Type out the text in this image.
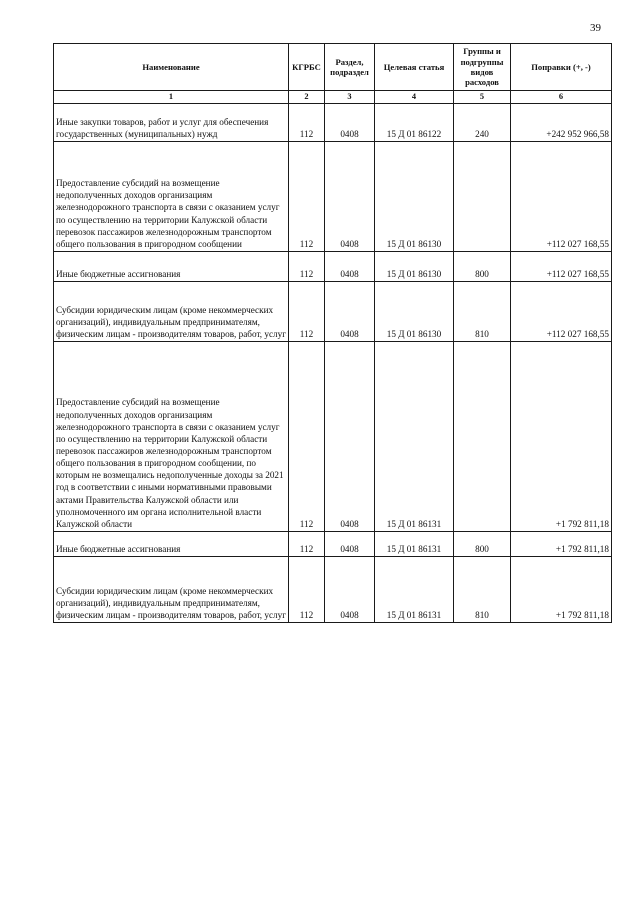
39
Наименование	КГРБС	Раздел, подраздел	Целевая статья	Группы и подгруппы видов расходов	Поправки (+, -)
1	2	3	4	5	6
Иные закупки товаров, работ и услуг для обеспечения государственных (муниципальных) нужд	112	0408	15 Д 01 86122	240	+242 952 966,58
Предоставление субсидий на возмещение недополученных доходов организациям железнодорожного транспорта в связи с оказанием услуг по осуществлению на территории Калужской области перевозок пассажиров железнодорожным транспортом общего пользования в пригородном сообщении	112	0408	15 Д 01 86130		+112 027 168,55
Иные бюджетные ассигнования	112	0408	15 Д 01 86130	800	+112 027 168,55
Субсидии юридическим лицам (кроме некоммерческих организаций), индивидуальным предпринимателям, физическим лицам - производителям товаров, работ, услуг	112	0408	15 Д 01 86130	810	+112 027 168,55
Предоставление субсидий на возмещение недополученных доходов организациям железнодорожного транспорта в связи с оказанием услуг по осуществлению на территории Калужской области перевозок пассажиров железнодорожным транспортом общего пользования в пригородном сообщении, по которым не возмещались недополученные доходы за 2021 год в соответствии с иными нормативными правовыми актами Правительства Калужской области или уполномоченного им органа исполнительной власти Калужской области	112	0408	15 Д 01 86131		+1 792 811,18
Иные бюджетные ассигнования	112	0408	15 Д 01 86131	800	+1 792 811,18
Субсидии юридическим лицам (кроме некоммерческих организаций), индивидуальным предпринимателям, физическим лицам - производителям товаров, работ, услуг	112	0408	15 Д 01 86131	810	+1 792 811,18
